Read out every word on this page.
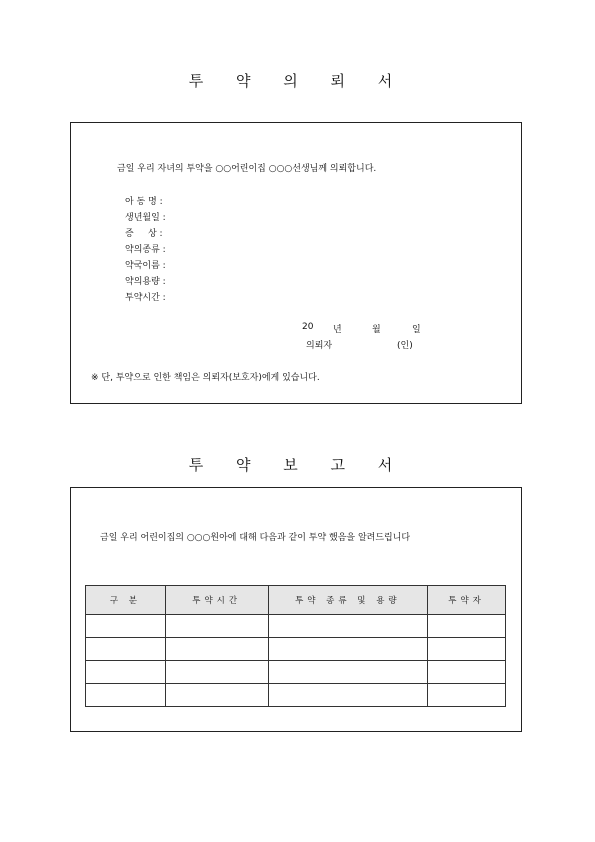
투 약 의 뢰 서
금일 우리 자녀의 투약을 ○○어린이집 ○○○선생님께 의뢰합니다.
아 동 명 :
생년월일 :
증     상 :
약의종류 :
약국이름 :
약의용량 :
투약시간 :
20 년	월	일
의뢰자	(인)
※ 단, 투약으로 인한 책임은 의뢰자(보호자)에게 있습니다.
투 약 보 고 서
금일 우리 어린이집의 ○○○원아에 대해 다음과 같이 투약 했음을 알려드립니다
구 분	투약시간	투약 종류 및 용량	투약자
